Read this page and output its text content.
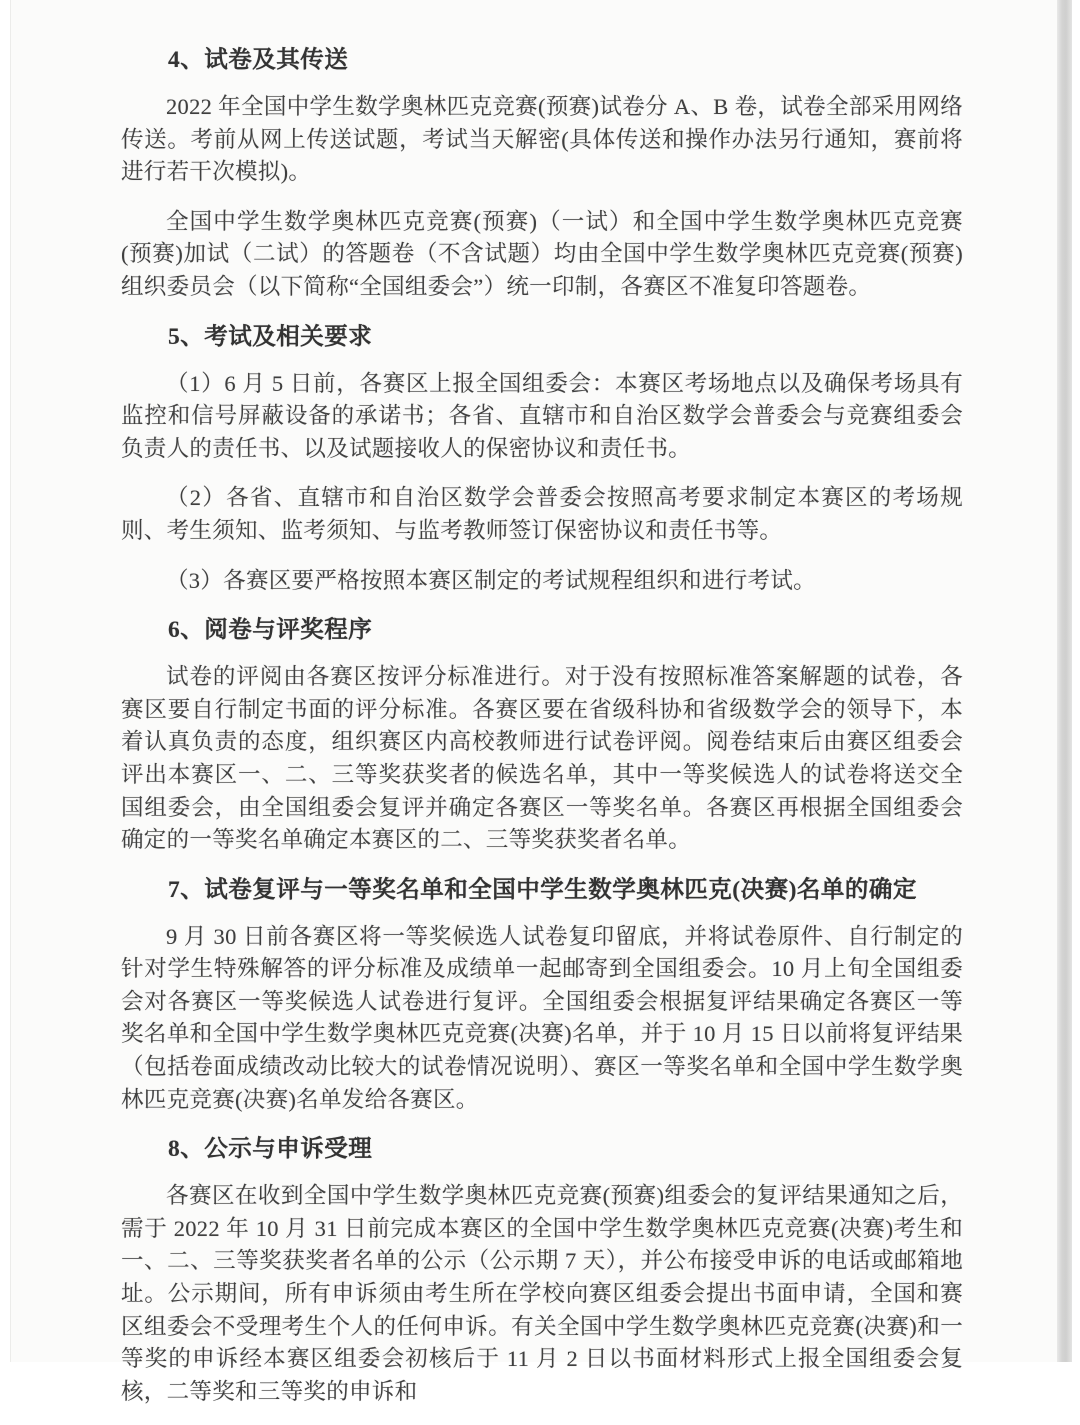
4、试卷及其传送

2022 年全国中学生数学奥林匹克竞赛(预赛)试卷分 A、B 卷，试卷全部采用网络传送。考前从网上传送试题，考试当天解密(具体传送和操作办法另行通知，赛前将进行若干次模拟)。

全国中学生数学奥林匹克竞赛(预赛)（一试）和全国中学生数学奥林匹克竞赛(预赛)加试（二试）的答题卷（不含试题）均由全国中学生数学奥林匹克竞赛(预赛)组织委员会（以下简称“全国组委会”）统一印制，各赛区不准复印答题卷。

5、考试及相关要求

（1）6 月 5 日前，各赛区上报全国组委会：本赛区考场地点以及确保考场具有监控和信号屏蔽设备的承诺书；各省、直辖市和自治区数学会普委会与竞赛组委会负责人的责任书、以及试题接收人的保密协议和责任书。

（2）各省、直辖市和自治区数学会普委会按照高考要求制定本赛区的考场规则、考生须知、监考须知、与监考教师签订保密协议和责任书等。

（3）各赛区要严格按照本赛区制定的考试规程组织和进行考试。

6、阅卷与评奖程序

试卷的评阅由各赛区按评分标准进行。对于没有按照标准答案解题的试卷，各赛区要自行制定书面的评分标准。各赛区要在省级科协和省级数学会的领导下，本着认真负责的态度，组织赛区内高校教师进行试卷评阅。阅卷结束后由赛区组委会评出本赛区一、二、三等奖获奖者的候选名单，其中一等奖候选人的试卷将送交全国组委会，由全国组委会复评并确定各赛区一等奖名单。各赛区再根据全国组委会确定的一等奖名单确定本赛区的二、三等奖获奖者名单。

7、试卷复评与一等奖名单和全国中学生数学奥林匹克(决赛)名单的确定

9 月 30 日前各赛区将一等奖候选人试卷复印留底，并将试卷原件、自行制定的针对学生特殊解答的评分标准及成绩单一起邮寄到全国组委会。10 月上旬全国组委会对各赛区一等奖候选人试卷进行复评。全国组委会根据复评结果确定各赛区一等奖名单和全国中学生数学奥林匹克竞赛(决赛)名单，并于 10 月 15 日以前将复评结果（包括卷面成绩改动比较大的试卷情况说明）、赛区一等奖名单和全国中学生数学奥林匹克竞赛(决赛)名单发给各赛区。

8、公示与申诉受理

各赛区在收到全国中学生数学奥林匹克竞赛(预赛)组委会的复评结果通知之后，需于 2022 年 10 月 31 日前完成本赛区的全国中学生数学奥林匹克竞赛(决赛)考生和一、二、三等奖获奖者名单的公示（公示期 7 天），并公布接受申诉的电话或邮箱地址。公示期间，所有申诉须由考生所在学校向赛区组委会提出书面申请，全国和赛区组委会不受理考生个人的任何申诉。有关全国中学生数学奥林匹克竞赛(决赛)和一等奖的申诉经本赛区组委会初核后于 11 月 2 日以书面材料形式上报全国组委会复核，二等奖和三等奖的申诉和
